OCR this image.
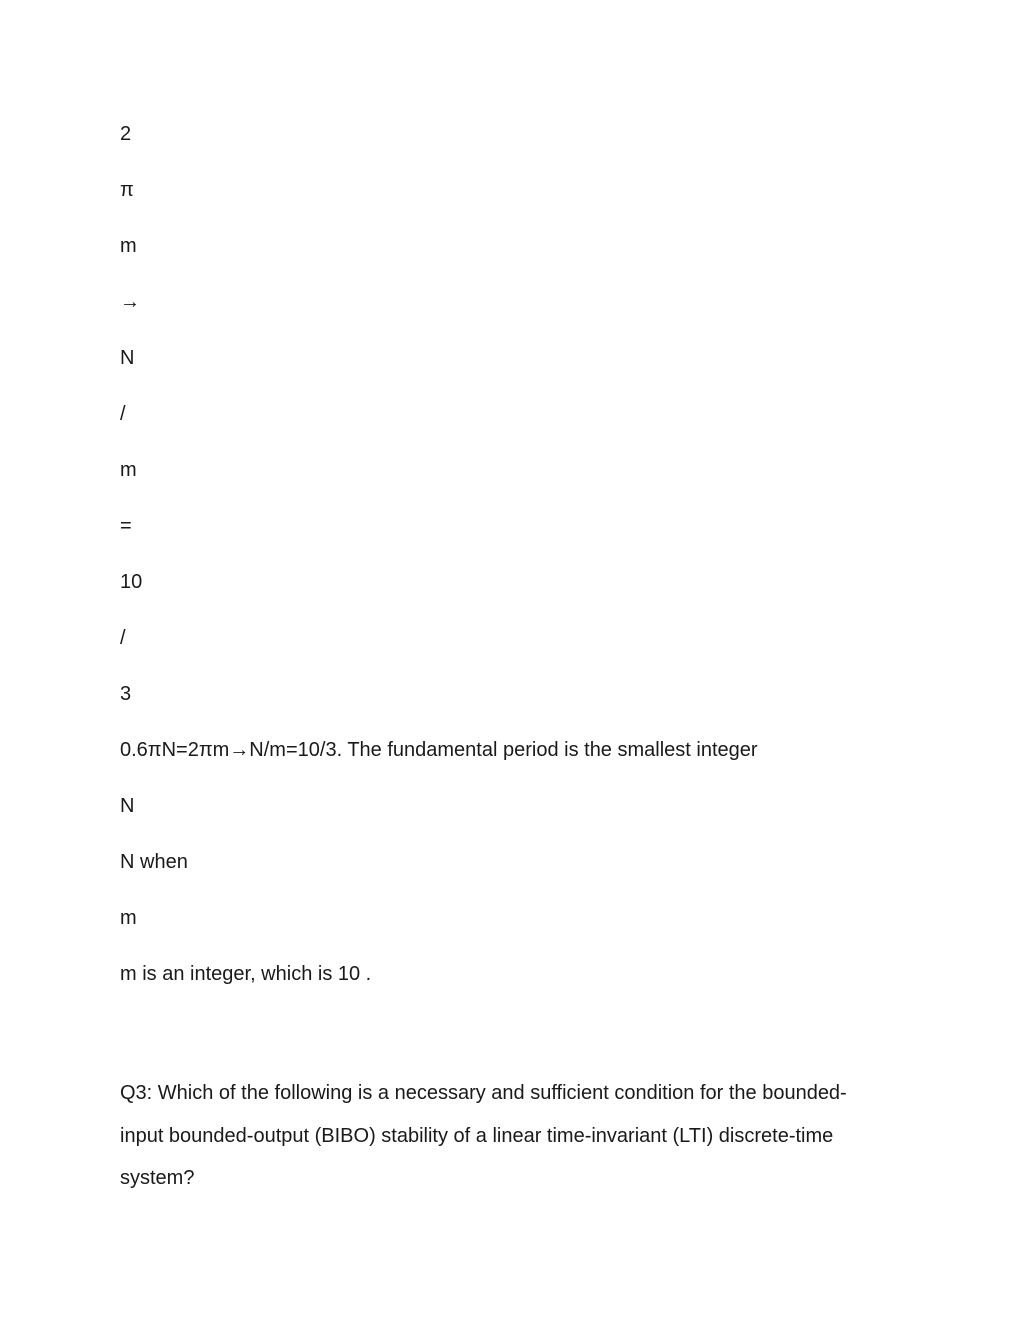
2

π

m

→

N

/

m

=

10

/

3

0.6πN=2πm→N/m=10/3. The fundamental period is the smallest integer

N

N when

m

m is an integer, which is 10 .

Q3: Which of the following is a necessary and sufficient condition for the bounded-input bounded-output (BIBO) stability of a linear time-invariant (LTI) discrete-time system?
